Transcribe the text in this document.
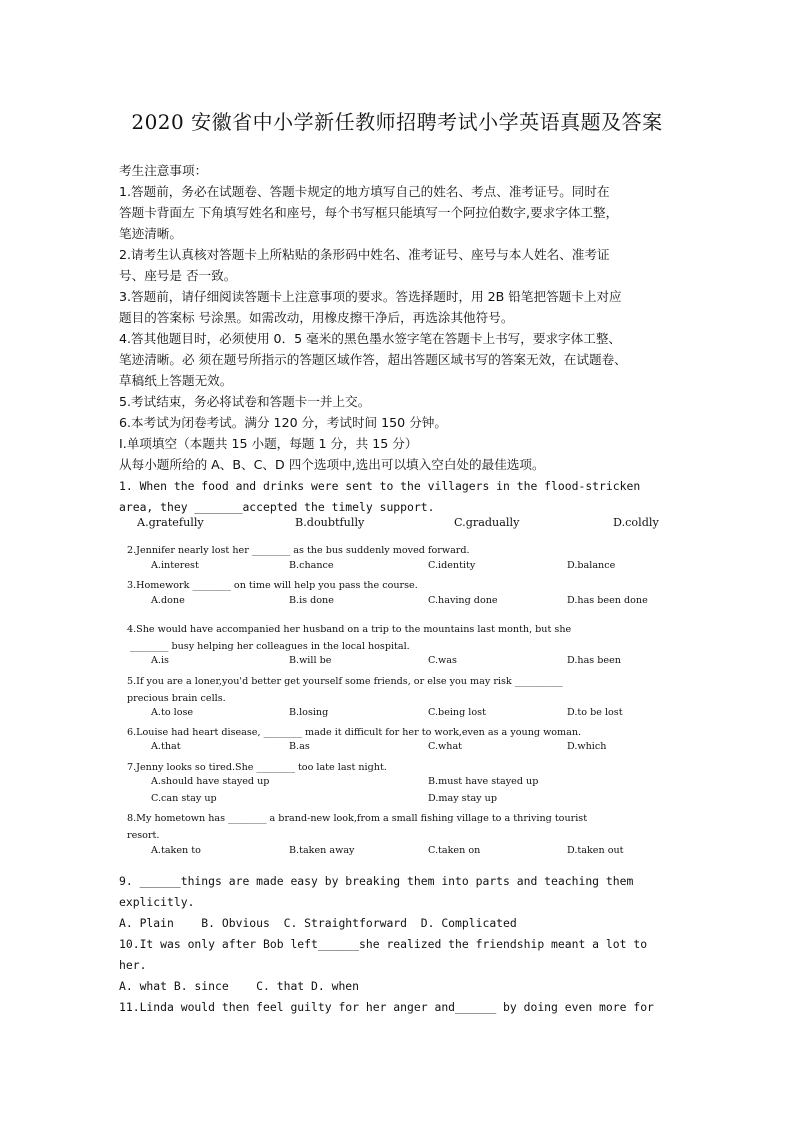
2020 安徽省中小学新任教师招聘考试小学英语真题及答案
考生注意事项：
1.答题前，务必在试题卷、答题卡规定的地方填写自己的姓名、考点、准考证号。同时在
答题卡背面左 下角填写姓名和座号，每个书写框只能填写一个阿拉伯数字,要求字体工整，
笔迹清晰。
2.请考生认真核对答题卡上所粘贴的条形码中姓名、准考证号、座号与本人姓名、准考证
号、座号是 否一致。
3.答题前，请仔细阅读答题卡上注意事项的要求。答选择题时，用 2B 铅笔把答题卡上对应
题目的答案标 号涂黑。如需改动，用橡皮擦干净后，再选涂其他符号。
4.答其他题目时，必须使用 0．5 毫米的黑色墨水签字笔在答题卡上书写，要求字体工整、
笔迹清晰。必 须在题号所指示的答题区域作答，超出答题区域书写的答案无效，在试题卷、
草稿纸上答题无效。
5.考试结束，务必将试卷和答题卡一并上交。
6.本考试为闭卷考试。满分 120 分，考试时间 150 分钟。
I.单项填空（本题共 15 小题，每题 1 分，共 15 分）
从每小题所给的 A、B、C、D 四个选项中,选出可以填入空白处的最佳选项。
1. When the food and drinks were sent to the villagers in the flood-stricken
area, they _______accepted the timely support.
A.gratefully	B.doubtfully	C.gradually	D.coldly
2.Jennifer nearly lost her ________ as the bus suddenly moved forward.
A.interest	B.chance	C.identity	D.balance
3.Homework ________ on time will help you pass the course.
A.done	B.is done	C.having done	D.has been done
4.She would have accompanied her husband on a trip to the mountains last month, but she
________ busy helping her colleagues in the local hospital.
A.is	B.will be	C.was	D.has been
5.If you are a loner,you'd better get yourself some friends, or else you may risk __________
precious brain cells.
A.to lose	B.losing	C.being lost	D.to be lost
6.Louise had heart disease, ________ made it difficult for her to work,even as a young woman.
A.that	B.as	C.what	D.which
7.Jenny looks so tired.She ________ too late last night.
A.should have stayed up	B.must have stayed up
C.can stay up	D.may stay up
8.My hometown has ________ a brand-new look,from a small fishing village to a thriving tourist
resort.
A.taken to	B.taken away	C.taken on	D.taken out
9. ______things are made easy by breaking them into parts and teaching them
explicitly.
A. Plain    B. Obvious  C. Straightforward  D. Complicated
10.It was only after Bob left______she realized the friendship meant a lot to
her.
A. what B. since    C. that D. when
11.Linda would then feel guilty for her anger and______ by doing even more for
